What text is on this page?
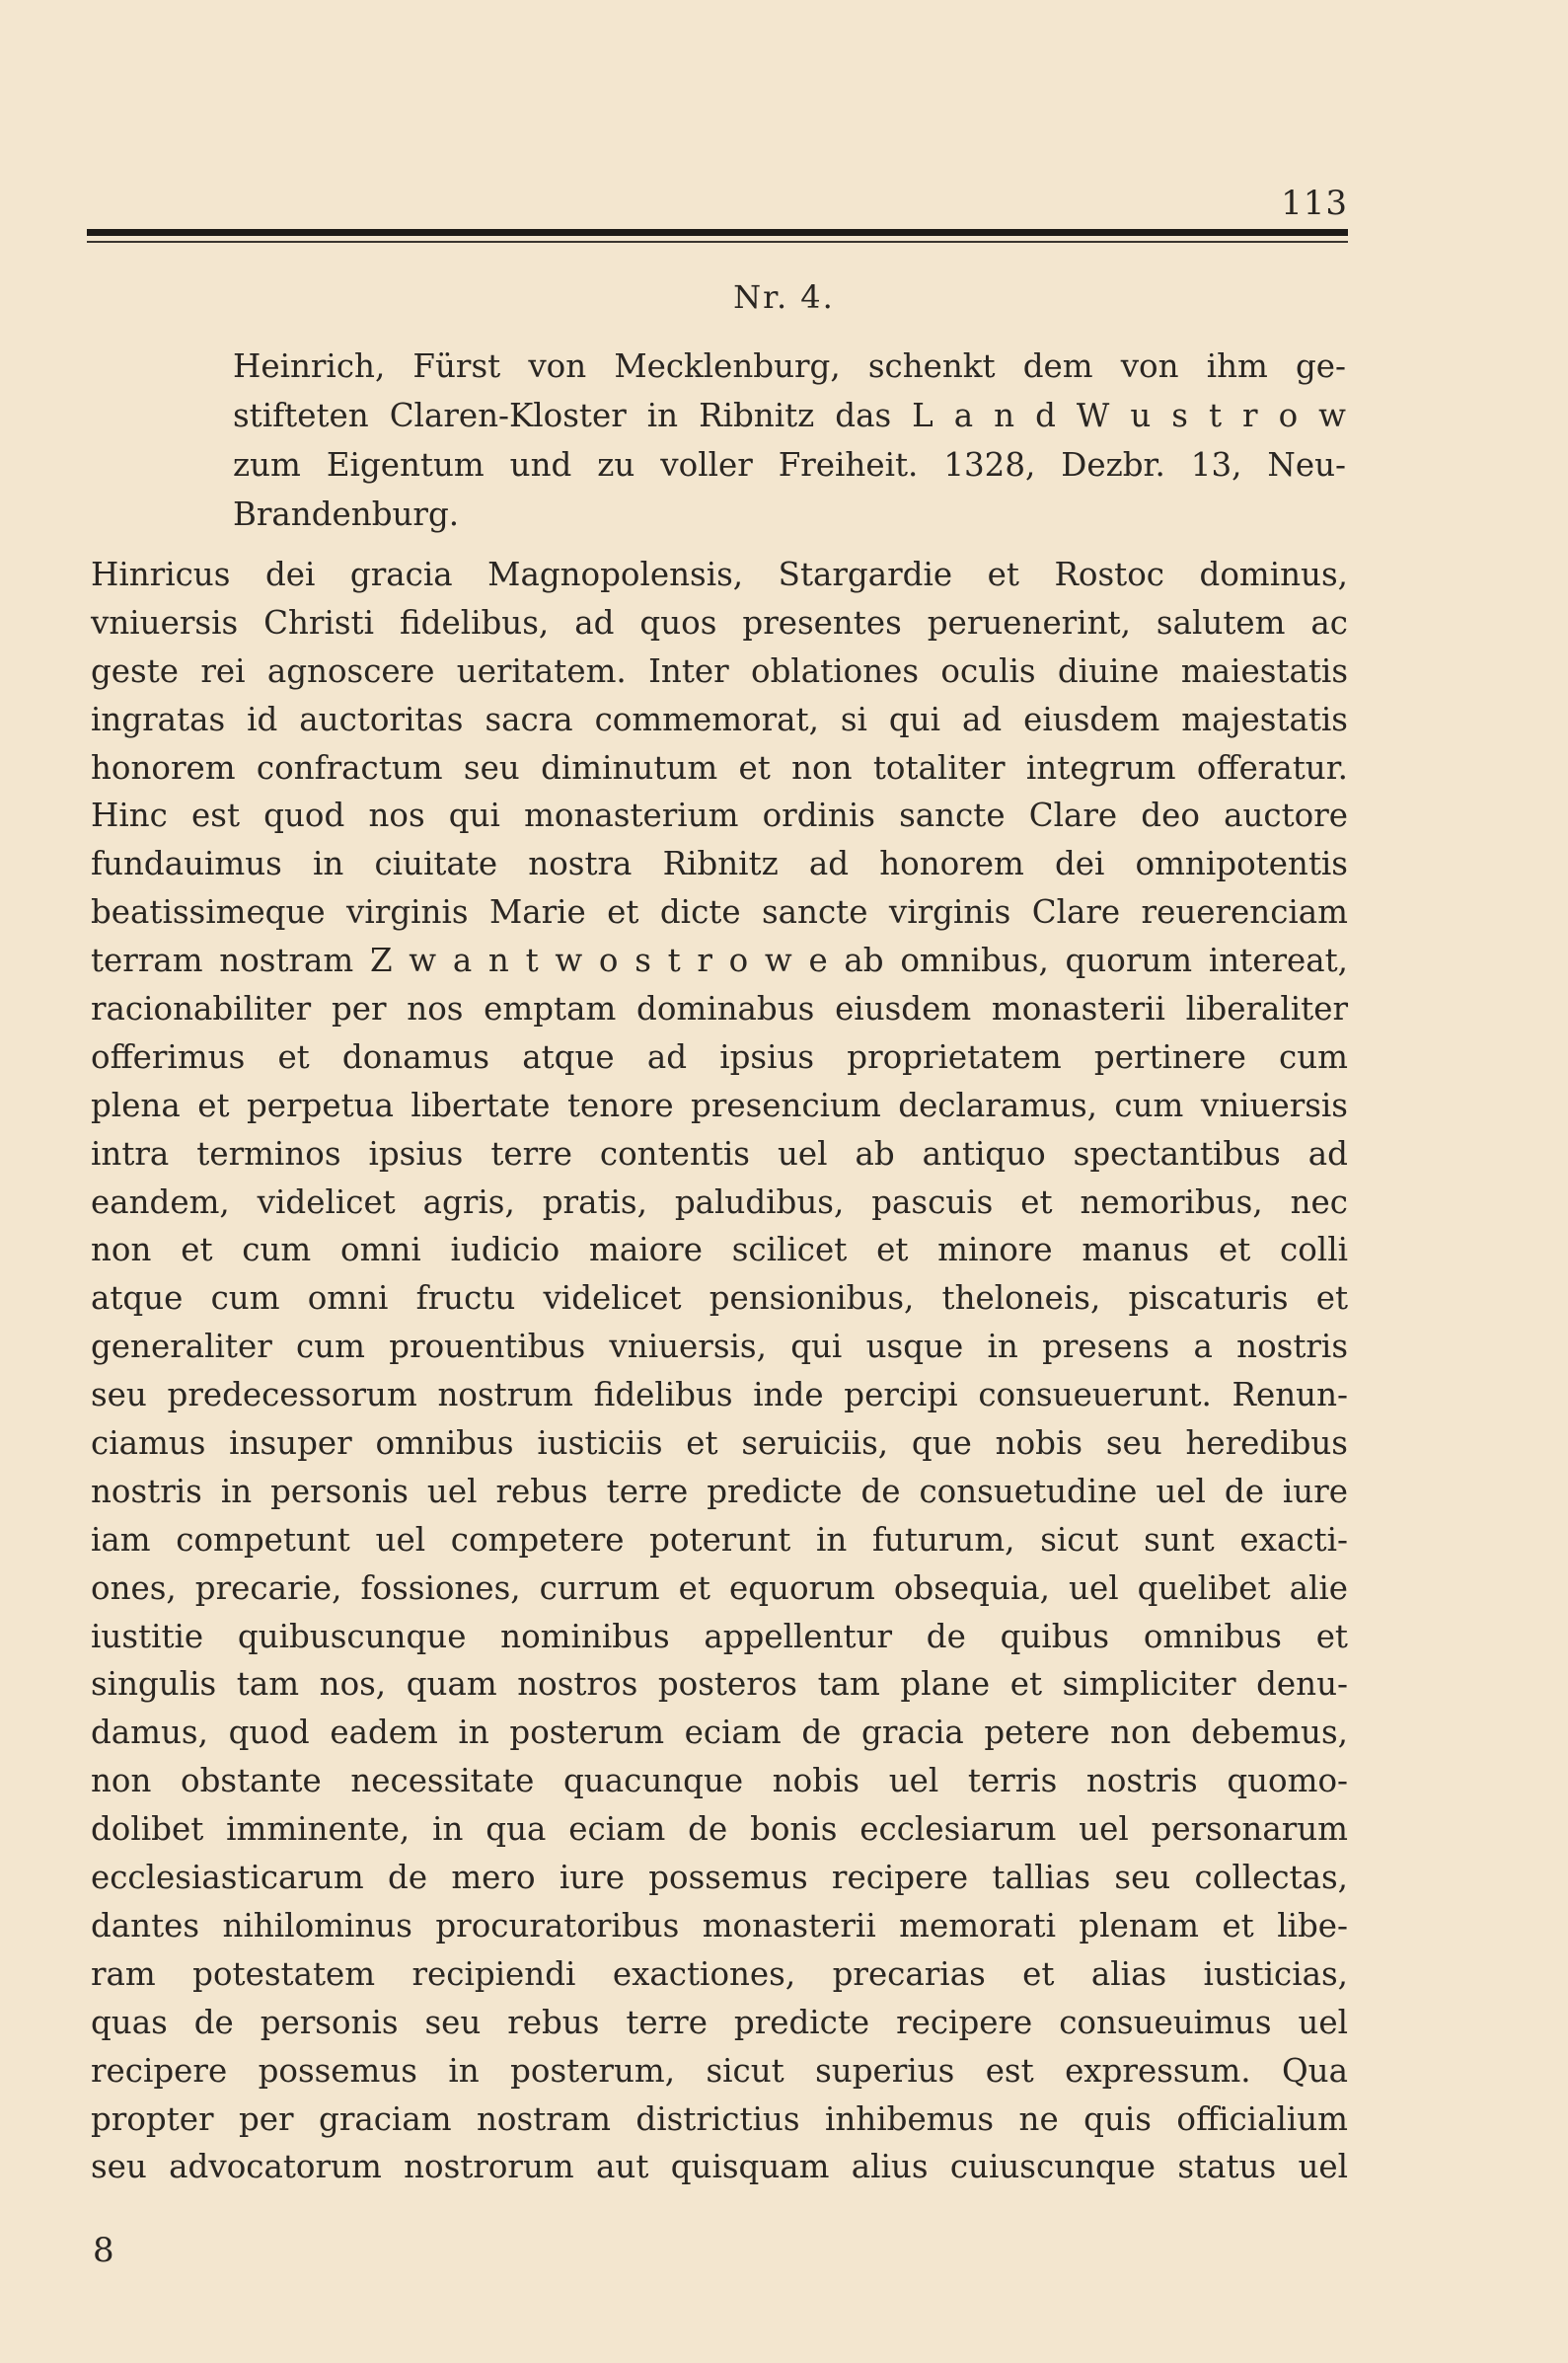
113
Nr. 4.
Heinrich, Fürst von Mecklenburg, schenkt dem von ihm ge-
stifteten Claren-Kloster in Ribnitz das L a n d W u s t r o w
zum Eigentum und zu voller Freiheit. 1328, Dezbr. 13, Neu-
Brandenburg.
Hinricus dei gracia Magnopolensis, Stargardie et Rostoc dominus,
vniuersis Christi fidelibus, ad quos presentes peruenerint, salutem ac
geste rei agnoscere ueritatem. Inter oblationes oculis diuine maiestatis
ingratas id auctoritas sacra commemorat, si qui ad eiusdem majestatis
honorem confractum seu diminutum et non totaliter integrum offeratur.
Hinc est quod nos qui monasterium ordinis sancte Clare deo auctore
fundauimus in ciuitate nostra Ribnitz ad honorem dei omnipotentis
beatissimeque virginis Marie et dicte sancte virginis Clare reuerenciam
terram nostram Z w a n t w o s t r o w e ab omnibus, quorum intereat,
racionabiliter per nos emptam dominabus eiusdem monasterii liberaliter
offerimus et donamus atque ad ipsius proprietatem pertinere cum
plena et perpetua libertate tenore presencium declaramus, cum vniuersis
intra terminos ipsius terre contentis uel ab antiquo spectantibus ad
eandem, videlicet agris, pratis, paludibus, pascuis et nemoribus, nec
non et cum omni iudicio maiore scilicet et minore manus et colli
atque cum omni fructu videlicet pensionibus, theloneis, piscaturis et
generaliter cum prouentibus vniuersis, qui usque in presens a nostris
seu predecessorum nostrum fidelibus inde percipi consueuerunt. Renun-
ciamus insuper omnibus iusticiis et seruiciis, que nobis seu heredibus
nostris in personis uel rebus terre predicte de consuetudine uel de iure
iam competunt uel competere poterunt in futurum, sicut sunt exacti-
ones, precarie, fossiones, currum et equorum obsequia, uel quelibet alie
iustitie quibuscunque nominibus appellentur de quibus omnibus et
singulis tam nos, quam nostros posteros tam plane et simpliciter denu-
damus, quod eadem in posterum eciam de gracia petere non debemus,
non obstante necessitate quacunque nobis uel terris nostris quomo-
dolibet imminente, in qua eciam de bonis ecclesiarum uel personarum
ecclesiasticarum de mero iure possemus recipere tallias seu collectas,
dantes nihilominus procuratoribus monasterii memorati plenam et libe-
ram potestatem recipiendi exactiones, precarias et alias iusticias,
quas de personis seu rebus terre predicte recipere consueuimus uel
recipere possemus in posterum, sicut superius est expressum. Qua
propter per graciam nostram districtius inhibemus ne quis officialium
seu advocatorum nostrorum aut quisquam alius cuiuscunque status uel
8
